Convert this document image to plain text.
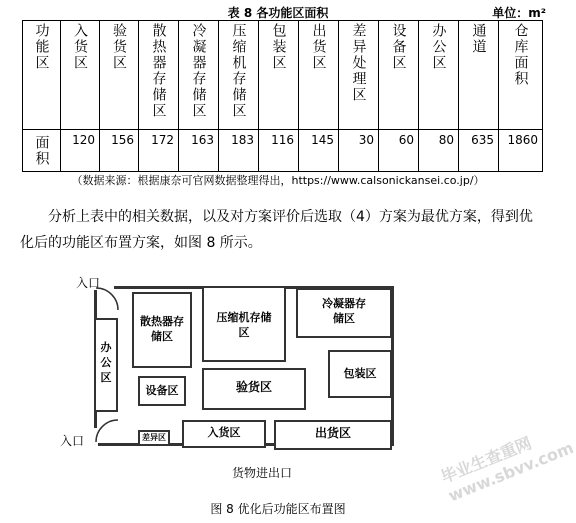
表 8 各功能区面积	单位：m²
功能区	入货区	验货区	散热器存储区	冷凝器存储区	压缩机存储区	包装区	出货区	差异处理区	设备区	办公区	通道	仓库面积
面积	120	156	172	163	183	116	145	30	60	80	635	1860
（数据来源：根据康奈可官网数据整理得出，https://www.calsonickansei.co.jp/）
分析上表中的相关数据，以及对方案评价后选取（4）方案为最优方案，得到优化后的功能区布置方案，如图 8 所示。
入口
入口
散热器存储区
压缩机存储区
冷凝器存储区
办公区
设备区	验货区
包装区
差异区	入货区	出货区
货物进出口	毕业生查重网 www.sbvv.com
图 8 优化后功能区布置图
